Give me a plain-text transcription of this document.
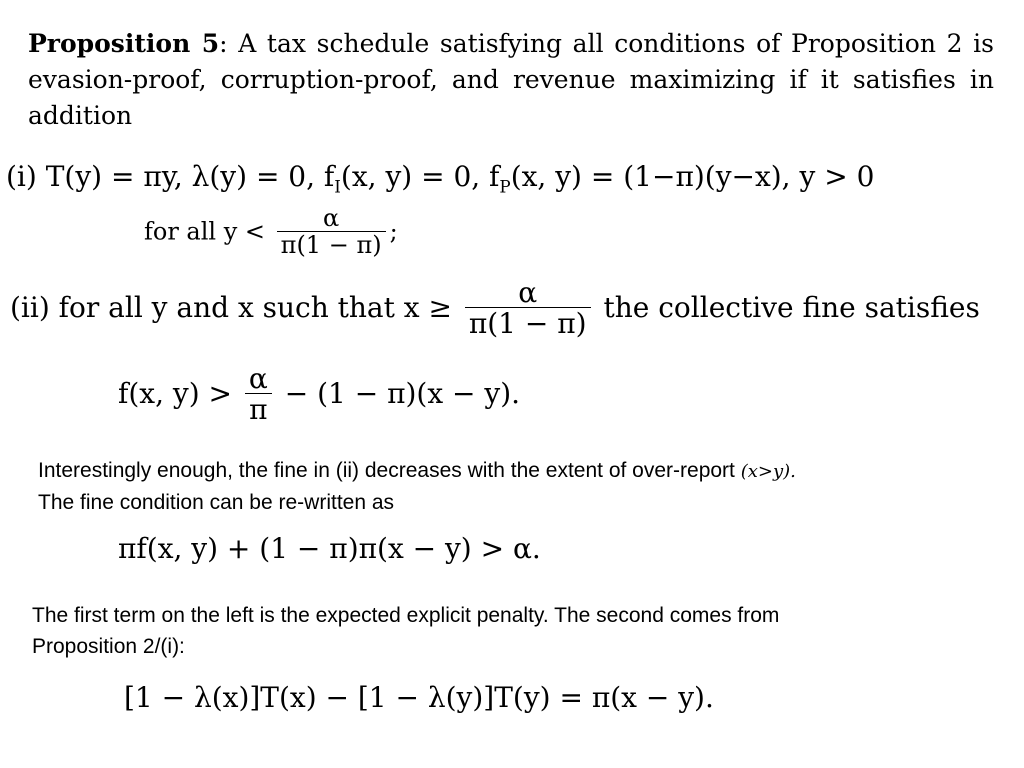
Proposition 5: A tax schedule satisfying all conditions of Proposition 2 is evasion-proof, corruption-proof, and revenue maximizing if it satisfies in addition
(i) T(y) = πy, λ(y) = 0, $f_I(x$, y) = 0, $f_P(x$, y) = (1−π)(y−x), y > 0
for all $y < \frac{\alpha}{\pi(1 - \pi)}$ ;
(ii) for all y and x such that $x \ge \frac{\alpha}{\pi(1 - \pi)}$ the collective fine satisfies
f(x, $y) > \frac{\alpha}{\pi} - (1 - \pi)(x - y)$.
Interestingly enough, the fine in (ii) decreases with the extent of over-report (x>y).
The fine condition can be re-written as
πf(x, y) + (1 − π)π(x − y) > α.
The first term on the left is the expected explicit penalty. The second comes from
Proposition 2/(i):
[1 − λ(x)]T(x) − [1 − λ(y)]T(y) = π(x − y).
